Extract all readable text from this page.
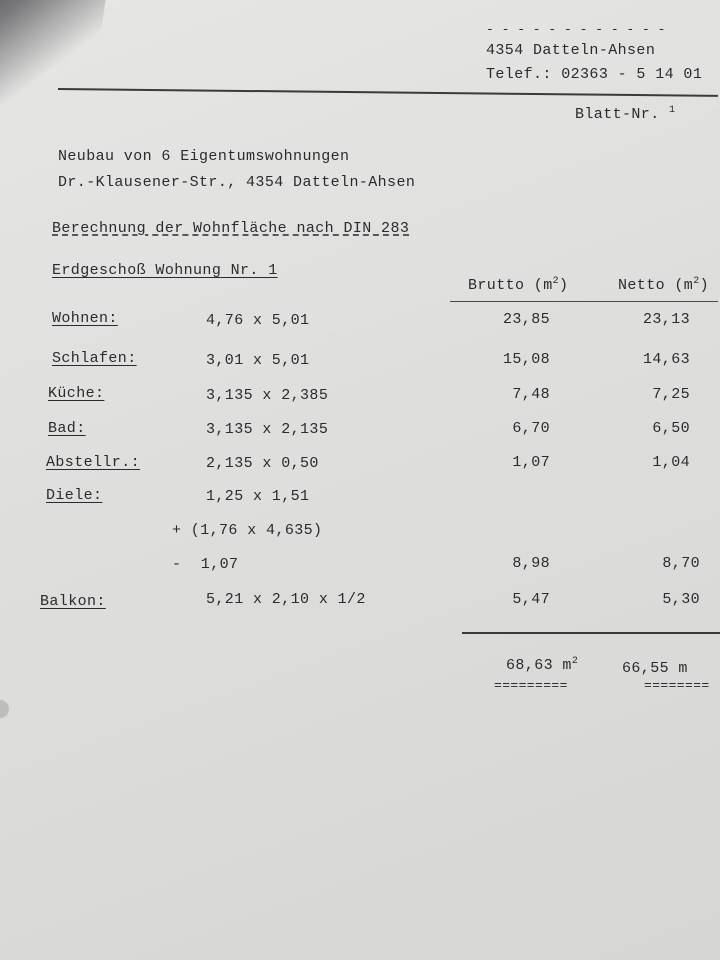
- - - - - - - - - - - -
4354 Datteln-Ahsen
Telef.: 02363 - 5 14 01
Blatt-Nr. $^1$
Neubau von 6 Eigentumswohnungen
Dr.-Klausener-Str., 4354 Datteln-Ahsen
Berechnung der Wohnfläche nach DIN 283
Erdgeschoß Wohnung Nr. 1
Brutto $(m^2)$	Netto $(m^2)$
Wohnen:	4,76 x 5,01	23,85	23,13
Schlafen:	3,01 x 5,01	15,08	14,63
Küche:	3,135 x 2,385	7,48	7,25
Bad:	3,135 x 2,135	6,70	6,50
Abstellr.:	2,135 x 0,50	1,07	1,04
Diele:	1,25 x 1,51
+ (1,76 x 4,635)
- 1,07	8,98	8,70
Balkon:	5,21 x 2,10 x 1/2	5,47	5,30
68,63 $m^2$	66,55 m
=========	========
